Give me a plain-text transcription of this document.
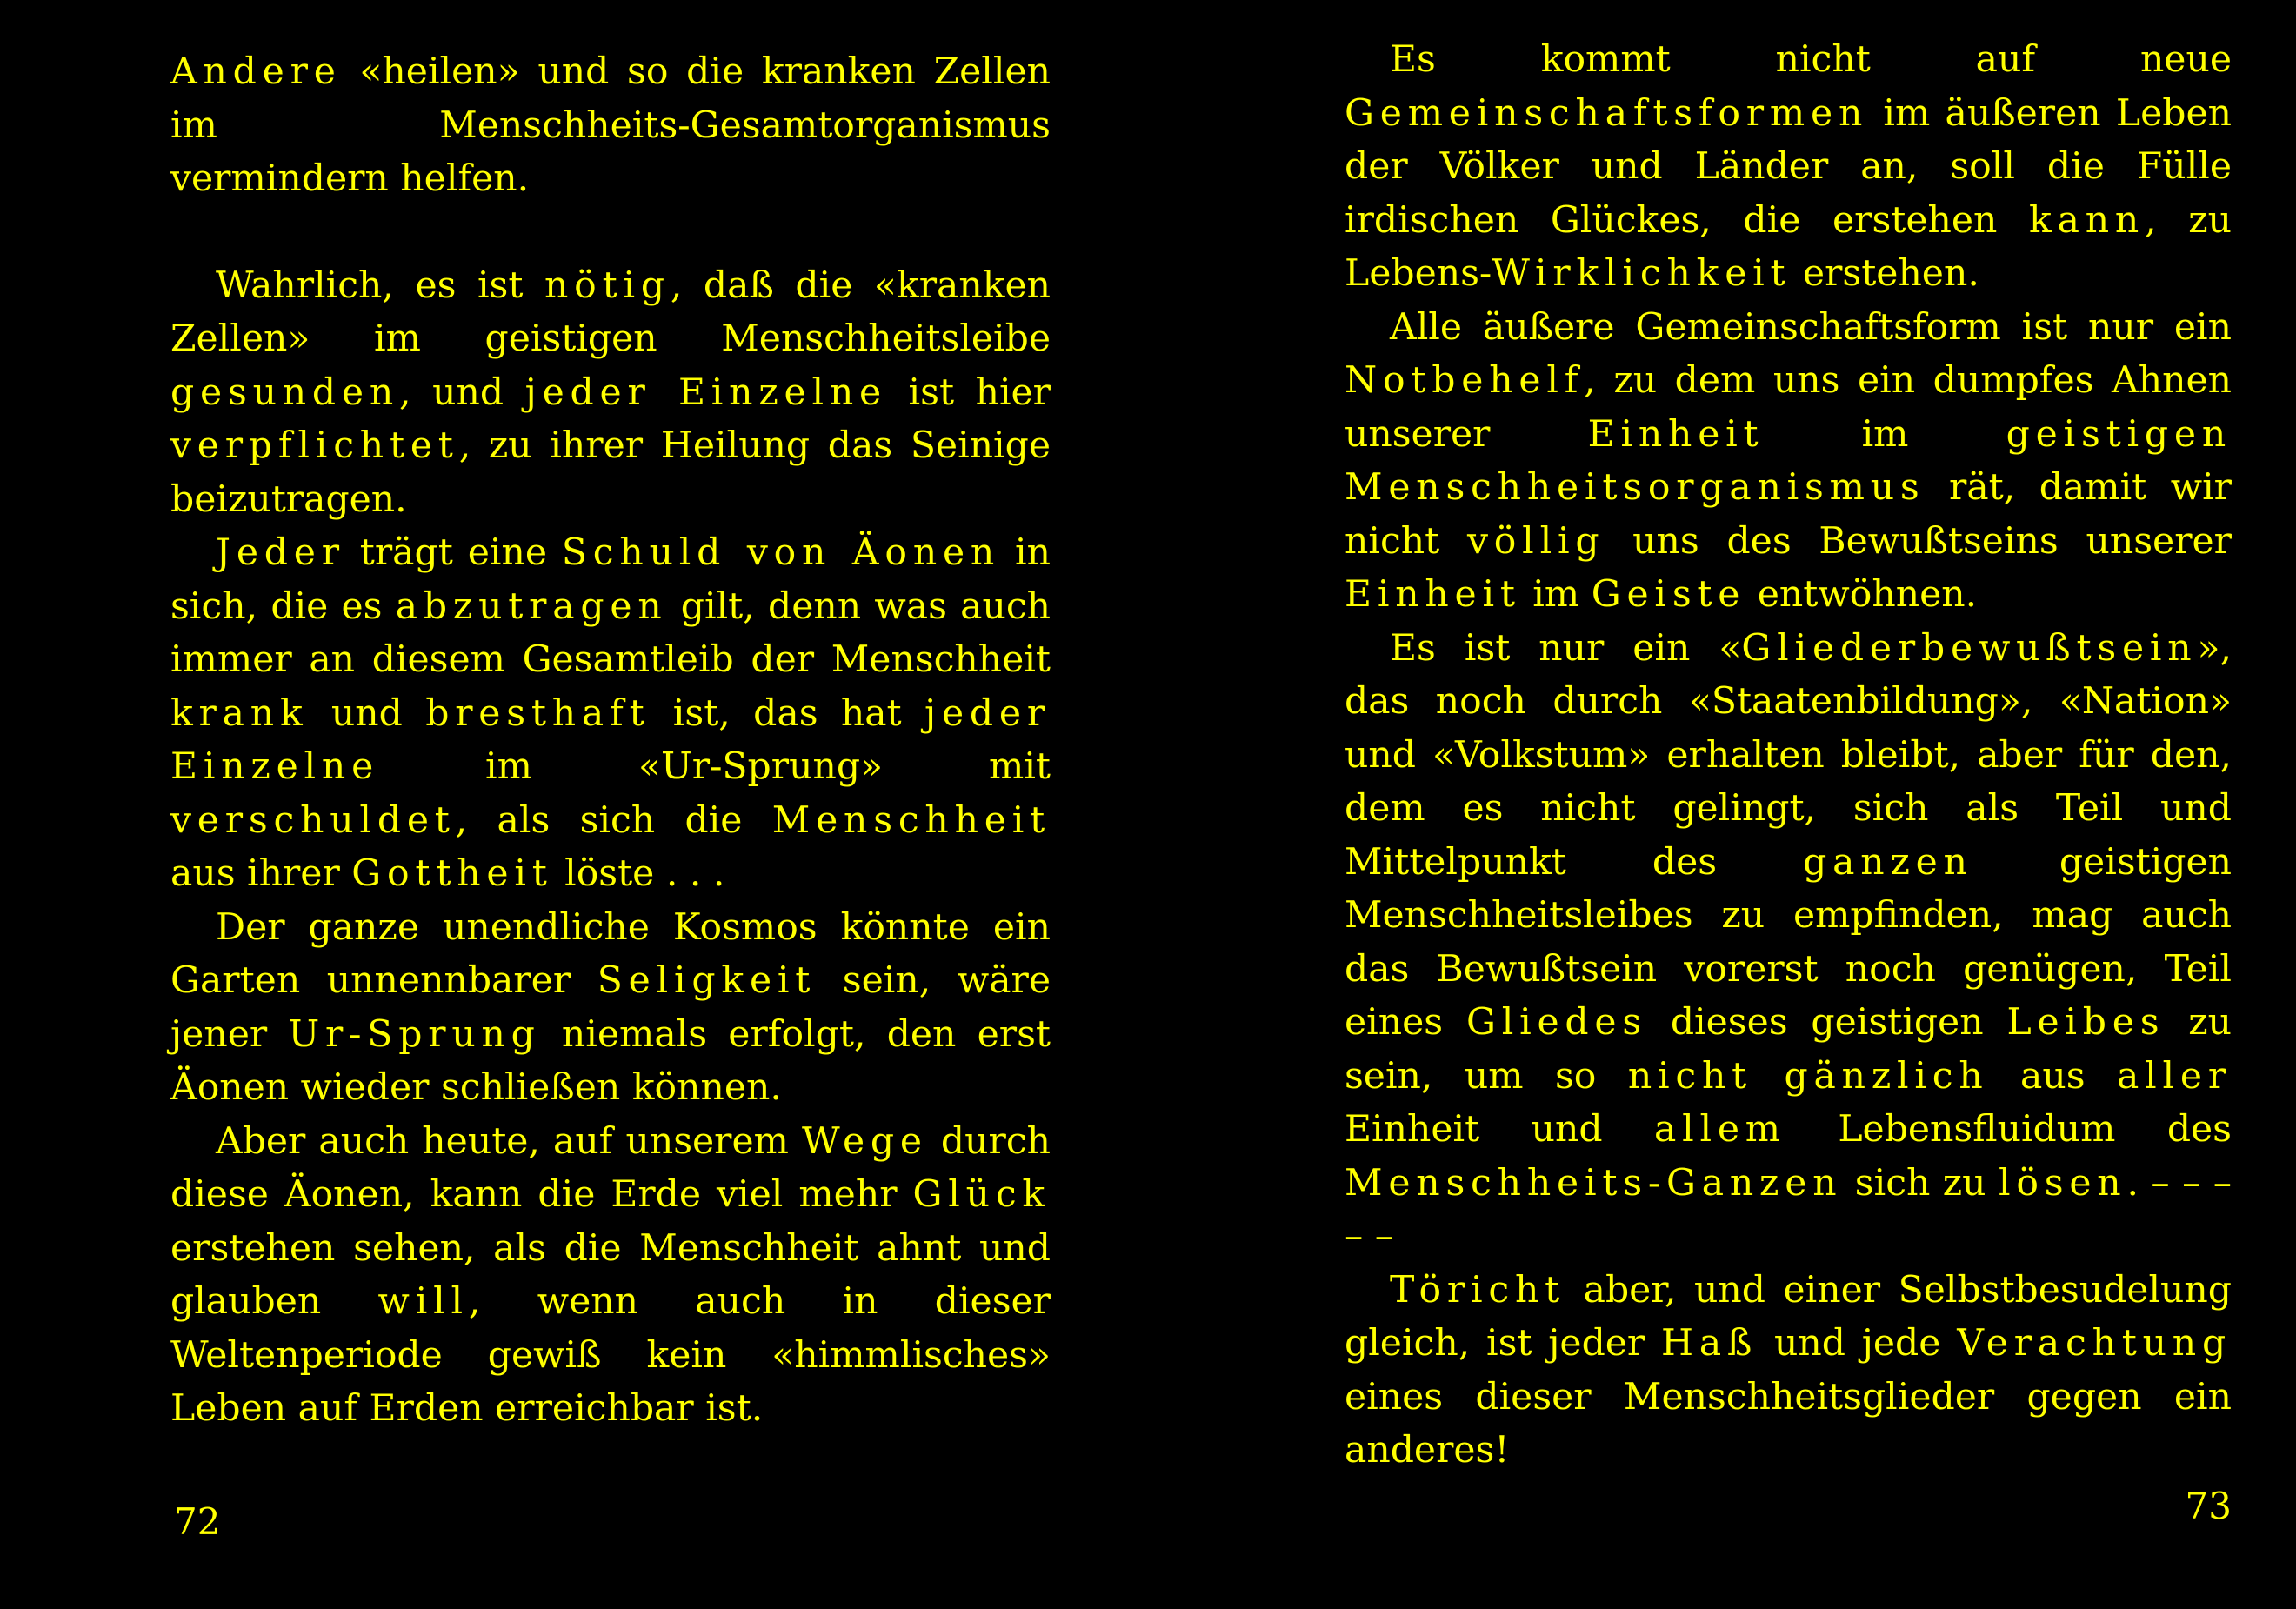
Andere «heilen» und so die kranken Zellen im Menschheits-Gesamtorganismus vermindern helfen.

Wahrlich, es ist nötig, daß die «kranken Zellen» im geistigen Menschheitsleibe gesunden, und jeder Einzelne ist hier verpflichtet, zu ihrer Heilung das Seinige beizutragen.

Jeder trägt eine Schuld von Äonen in sich, die es abzutragen gilt, denn was auch immer an diesem Gesamtleib der Menschheit krank und bresthaft ist, das hat jeder Einzelne im «Ur-Sprung» mit verschuldet, als sich die Menschheit aus ihrer Gottheit löste . . .

Der ganze unendliche Kosmos könnte ein Garten unnennbarer Seligkeit sein, wäre jener Ur-Sprung niemals erfolgt, den erst Äonen wieder schließen können.

Aber auch heute, auf unserem Wege durch diese Äonen, kann die Erde viel mehr Glück erstehen sehen, als die Menschheit ahnt und glauben will, wenn auch in dieser Weltenperiode gewiß kein «himmlisches» Leben auf Erden erreichbar ist.

72

Es kommt nicht auf neue Gemeinschaftsformen im äußeren Leben der Völker und Länder an, soll die Fülle irdischen Glückes, die erstehen kann, zu Lebens-Wirklichkeit erstehen.

Alle äußere Gemeinschaftsform ist nur ein Notbehelf, zu dem uns ein dumpfes Ahnen unserer Einheit im geistigen Menschheitsorganismus rät, damit wir nicht völlig uns des Bewußtseins unserer Einheit im Geiste entwöhnen.

Es ist nur ein «Gliederbewußtsein», das noch durch «Staatenbildung», «Nation» und «Volkstum» erhalten bleibt, aber für den, dem es nicht gelingt, sich als Teil und Mittelpunkt des ganzen geistigen Menschheitsleibes zu empfinden, mag auch das Bewußtsein vorerst noch genügen, Teil eines Gliedes dieses geistigen Leibes zu sein, um so nicht gänzlich aus aller Einheit und allem Lebensfluidum des Menschheits-Ganzen sich zu lösen. – – – – –

Töricht aber, und einer Selbstbesudelung gleich, ist jeder Haß und jede Verachtung eines dieser Menschheitsglieder gegen ein anderes!

73
